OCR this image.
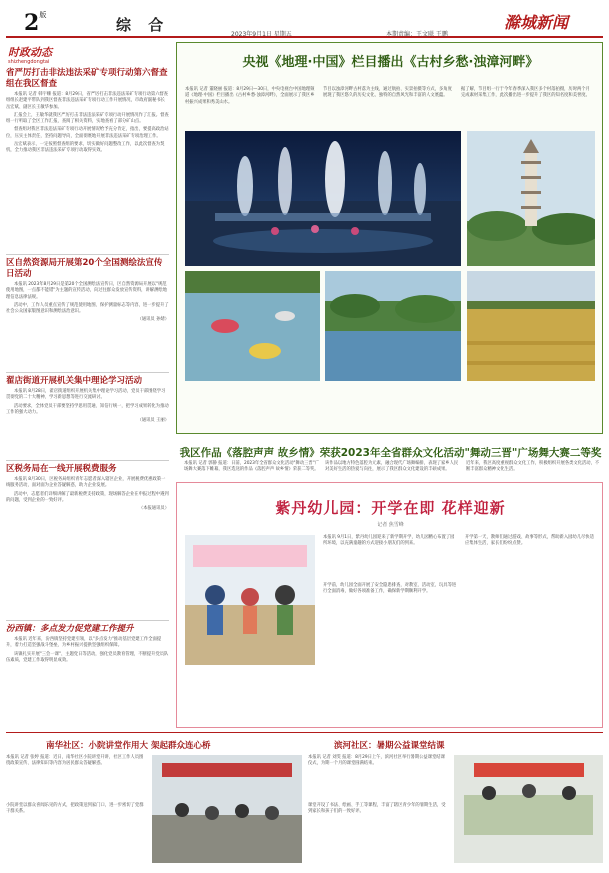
$2^版$
综 合
2023年9月1日 星期五	本期责编：王文联 王鹏
滁城新闻
时政动态
shizhengdongtai
省严厉打击非法违法采矿专项行动第六督查组在我区督查

本报讯 记者 韩宇姗 报道：8月29日，省严厉打击非法违法采矿专项行动第六督查组组长赵建平带队到我区督查非法违法采矿专项行动工作开展情况，市政府副秘书长岳宏斌、副区长王敏华参加。

汇报会上，王敏华就我区严厉打击非法违法采矿专项行动开展情况作了汇报。督查组一行听取了全区工作汇报，查阅了相关资料，实地查看了部分矿山点。

督查组对我区非法违法采矿专项行动开展情况给予充分肯定，指出，要提高政治站位，压实主体责任，坚持问题导向，全面彻底地开展非法违法采矿专项治理工作。

岳宏斌表示，一定按照督查组的要求，切实做好问题整改工作，以此次督查为契机，全力推动我区非法违法采矿专项行动取得实效。

区自然资源局开展第20个全国测绘法宣传日活动

本报讯 2023年8月29日是第20个全国测绘法宣传日，区自然资源局开展以"规范使用地图，一点都不能错"为主题的宣传活动，向过往群众发放宣传资料，讲解测绘地理信息法律法规。

活动中，工作人员重点宣传了规范使用地图、保护测量标志等内容，进一步提升了社会公众国家版图意识和测绘法治意识。

（通讯员 孙婧）

翟店街道开展机关集中理论学习活动

本报讯 8月28日，翟店街道组织开展机关集中理论学习活动，党员干部围绕学习贯彻党的二十大精神、学习新思想等进行交流研讨。

活动要求，全体党员干部要坚持学思用贯通、知信行统一，把学习成果转化为推动工作的强大动力。

（通讯员 王丽）

区税务局在一线开展税费服务

本报讯 8月30日，区税务局组织青年志愿者深入辖区企业，开展税费优惠政策一线服务活动，面对面为企业答疑解惑，助力企业发展。

活动中，志愿者们详细讲解了最新税费支持政策，现场解答企业在申报过程中遇到的问题，受到企业的一致好评。

（本报通讯员）

汾西镇：多点发力促党建工作提升

本报讯 近年来，汾西镇坚持党建引领，以"多点发力"推动基层党建工作全面提升，着力打造坚强战斗堡垒，为乡村振兴提供坚强组织保障。

该镇扎实开展"三会一课"、主题党日等活动，强化党员教育管理，不断提升党员队伍素质，党建工作取得明显成效。

央视《地理·中国》栏目播出《古村乡愁·浊漳河畔》
本报讯 记者 董晓丽 报道：8月29日—30日，中央电视台中国地理频道《地理·中国》栏目播出《古村乡愁·浊漳河畔》，全面展示了我区乡村振兴成果和秀美山水。
节目以浊漳河畔古村落为主线，通过航拍、实景拍摄等方式，多角度展现了我区悠久的历史文化、独特的自然风光和丰富的人文底蕴。
据了解，节目组一行于今年春季深入我区多个村落拍摄，历时两个月完成素材采集工作，此次播出进一步提升了我区的知名度和美誉度。
我区作品《落腔声声 故乡情》荣获2023年全省群众文化活动"舞动三晋"广场舞大赛二等奖
本报讯 记者 郭静 报道：日前，2023年全省群众文化活动"舞动三晋"广场舞大赛落下帷幕，我区选送的作品《落腔声声 故乡情》荣获二等奖。
该作品以地方特色落腔为元素，融合现代广场舞编排，表现了家乡人民对美好生活的热爱与向往，展示了我区群众文化建设的丰硕成果。
近年来，我区高度重视群众文化工作，积极组织开展各类文化活动，不断丰富群众精神文化生活。
紫丹幼儿园：开学在即 花样迎新
记者 焦雪峰
本报讯 9月1日，紫丹幼儿园迎来了新学期开学，幼儿园精心布置了园所环境，以充满童趣的方式迎接小朋友们的到来。
开学前，幼儿园全面开展了安全隐患排查，对教室、活动室、玩具等进行全面消毒，做好各项准备工作，确保新学期顺利开学。
开学第一天，教师们通过游戏、故事等形式，帮助新入园幼儿尽快适应集体生活，家长们纷纷点赞。
南华社区：小院讲堂作用大 架起群众连心桥
本报讯 记者 张婷 报道：近日，南华社区小院讲堂开讲，社区工作人员围绕政策宣传、法律知识等内容为居民群众答疑解惑。
小院讲堂以群众喜闻乐见的方式，把政策送到家门口，进一步密切了党群干群关系。
滨河社区：暑期公益课堂结课
本报讯 记者 刘雯 报道：8月29日上午，滨河社区举行暑期公益课堂结课仪式，为期一个月的课堂圆满结束。
课堂开设了书法、绘画、手工等课程，丰富了辖区青少年的暑期生活，受到家长和孩子们的一致好评。
